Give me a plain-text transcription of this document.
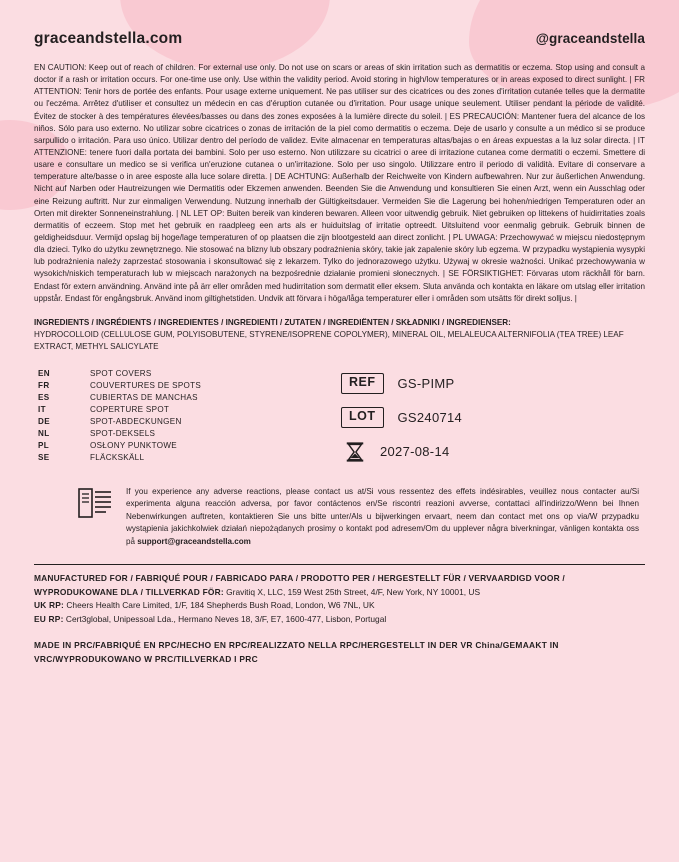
graceandstella.com	@graceandstella

EN CAUTION: Keep out of reach of children. For external use only. Do not use on scars or areas of skin irritation such as dermatitis or eczema. Stop using and consult a doctor if a rash or irritation occurs. For one-time use only. Use within the validity period. Avoid storing in high/low temperatures or in areas exposed to direct sunlight. | FR ATTENTION: Tenir hors de portée des enfants. Pour usage externe uniquement. Ne pas utiliser sur des cicatrices ou des zones d'irritation cutanée telles que la dermatite ou l'eczéma. Arrêtez d'utiliser et consultez un médecin en cas d'éruption cutanée ou d'irritation. Pour usage unique seulement. Utiliser pendant la période de validité. Évitez de stocker à des températures élevées/basses ou dans des zones exposées à la lumière directe du soleil. | ES PRECAUCIÓN: Mantener fuera del alcance de los niños. Sólo para uso externo. No utilizar sobre cicatrices o zonas de irritación de la piel como dermatitis o eczema. Deje de usarlo y consulte a un médico si se produce sarpullido o irritación. Para uso único. Utilizar dentro del período de validez. Evite almacenar en temperaturas altas/bajas o en áreas expuestas a la luz solar directa. | IT ATTENZIONE: tenere fuori dalla portata dei bambini. Solo per uso esterno. Non utilizzare su cicatrici o aree di irritazione cutanea come dermatiti o eczemi. Smettere di usare e consultare un medico se si verifica un'eruzione cutanea o un'irritazione. Solo per uso singolo. Utilizzare entro il periodo di validità. Evitare di conservare a temperature alte/basse o in aree esposte alla luce solare diretta. | DE ACHTUNG: Außerhalb der Reichweite von Kindern aufbewahren. Nur zur äußerlichen Anwendung. Nicht auf Narben oder Hautreizungen wie Dermatitis oder Ekzemen anwenden. Beenden Sie die Anwendung und konsultieren Sie einen Arzt, wenn ein Ausschlag oder eine Reizung auftritt. Nur zur einmaligen Verwendung. Nutzung innerhalb der Gültigkeitsdauer. Vermeiden Sie die Lagerung bei hohen/niedrigen Temperaturen oder an Orten mit direkter Sonneneinstrahlung. | NL LET OP: Buiten bereik van kinderen bewaren. Alleen voor uitwendig gebruik. Niet gebruiken op littekens of huidirritaties zoals dermatitis of eczeem. Stop met het gebruik en raadpleeg een arts als er huiduitslag of irritatie optreedt. Uitsluitend voor eenmalig gebruik. Gebruik binnen de geldigheidsduur. Vermijd opslag bij hoge/lage temperaturen of op plaatsen die zijn blootgesteld aan direct zonlicht. | PL UWAGA: Przechowywać w miejscu niedostępnym dla dzieci. Tylko do użytku zewnętrznego. Nie stosować na blizny lub obszary podrażnienia skóry, takie jak zapalenie skóry lub egzema. W przypadku wystąpienia wysypki lub podrażnienia należy zaprzestać stosowania i skonsultować się z lekarzem. Tylko do jednorazowego użytku. Używaj w okresie ważności. Unikać przechowywania w wysokich/niskich temperaturach lub w miejscach narażonych na bezpośrednie działanie promieni słonecznych. | SE FÖRSIKTIGHET: Förvaras utom räckhåll för barn. Endast för extern användning. Använd inte på ärr eller områden med hudirritation som dermatit eller eksem. Sluta använda och kontakta en läkare om utslag eller irritation uppstår. Endast för engångsbruk. Använd inom giltighetstiden. Undvik att förvara i höga/låga temperaturer eller i områden som utsätts för direkt solljus. |

INGREDIENTS / INGRÉDIENTS / INGREDIENTES / INGREDIENTI / ZUTATEN / INGREDIËNTEN / SKŁADNIKI / INGREDIENSER:
HYDROCOLLOID (CELLULOSE GUM, POLYISOBUTENE, STYRENE/ISOPRENE COPOLYMER), MINERAL OIL, MELALEUCA ALTERNIFOLIA (TEA TREE) LEAF EXTRACT, METHYL SALICYLATE
EN	SPOT COVERS
FR	COUVERTURES DE SPOTS
ES	CUBIERTAS DE MANCHAS
IT	COPERTURE SPOT
DE	SPOT-ABDECKUNGEN
NL	SPOT-DEKSELS
PL	OSŁONY PUNKTOWE
SE	FLÄCKSKÄLL
REF	GS-PIMP
LOT	GS240714
2027-08-14
If you experience any adverse reactions, please contact us at/Si vous ressentez des effets indésirables, veuillez nous contacter au/Si experimenta alguna reacción adversa, por favor contáctenos en/Se riscontri reazioni avverse, contattaci all'indirizzo/Wenn bei Ihnen Nebenwirkungen auftreten, kontaktieren Sie uns bitte unter/Als u bijwerkingen ervaart, neem dan contact met ons op via/W przypadku wystąpienia jakichkolwiek działań niepożądanych prosimy o kontakt pod adresem/Om du upplever några biverkningar, vänligen kontakta oss på support@graceandstella.com
MANUFACTURED FOR / FABRIQUÉ POUR / FABRICADO PARA / PRODOTTO PER / HERGESTELLT FÜR / VERVAARDIGD VOOR / WYPRODUKOWANE DLA / TILLVERKAD FÖR: Gravitiq X, LLC, 159 West 25th Street, 4/F, New York, NY 10001, US
UK RP: Cheers Health Care Limited, 1/F, 184 Shepherds Bush Road, London, W6 7NL, UK
EU RP: Cert3global, Unipessoal Lda., Hermano Neves 18, 3/F, E7, 1600-477, Lisbon, Portugal
MADE IN PRC/FABRIQUÉ EN RPC/HECHO EN RPC/REALIZZATO NELLA RPC/HERGESTELLT IN DER VR China/GEMAAKT IN VRC/WYPRODUKOWANO W PRC/TILLVERKAD I PRC
